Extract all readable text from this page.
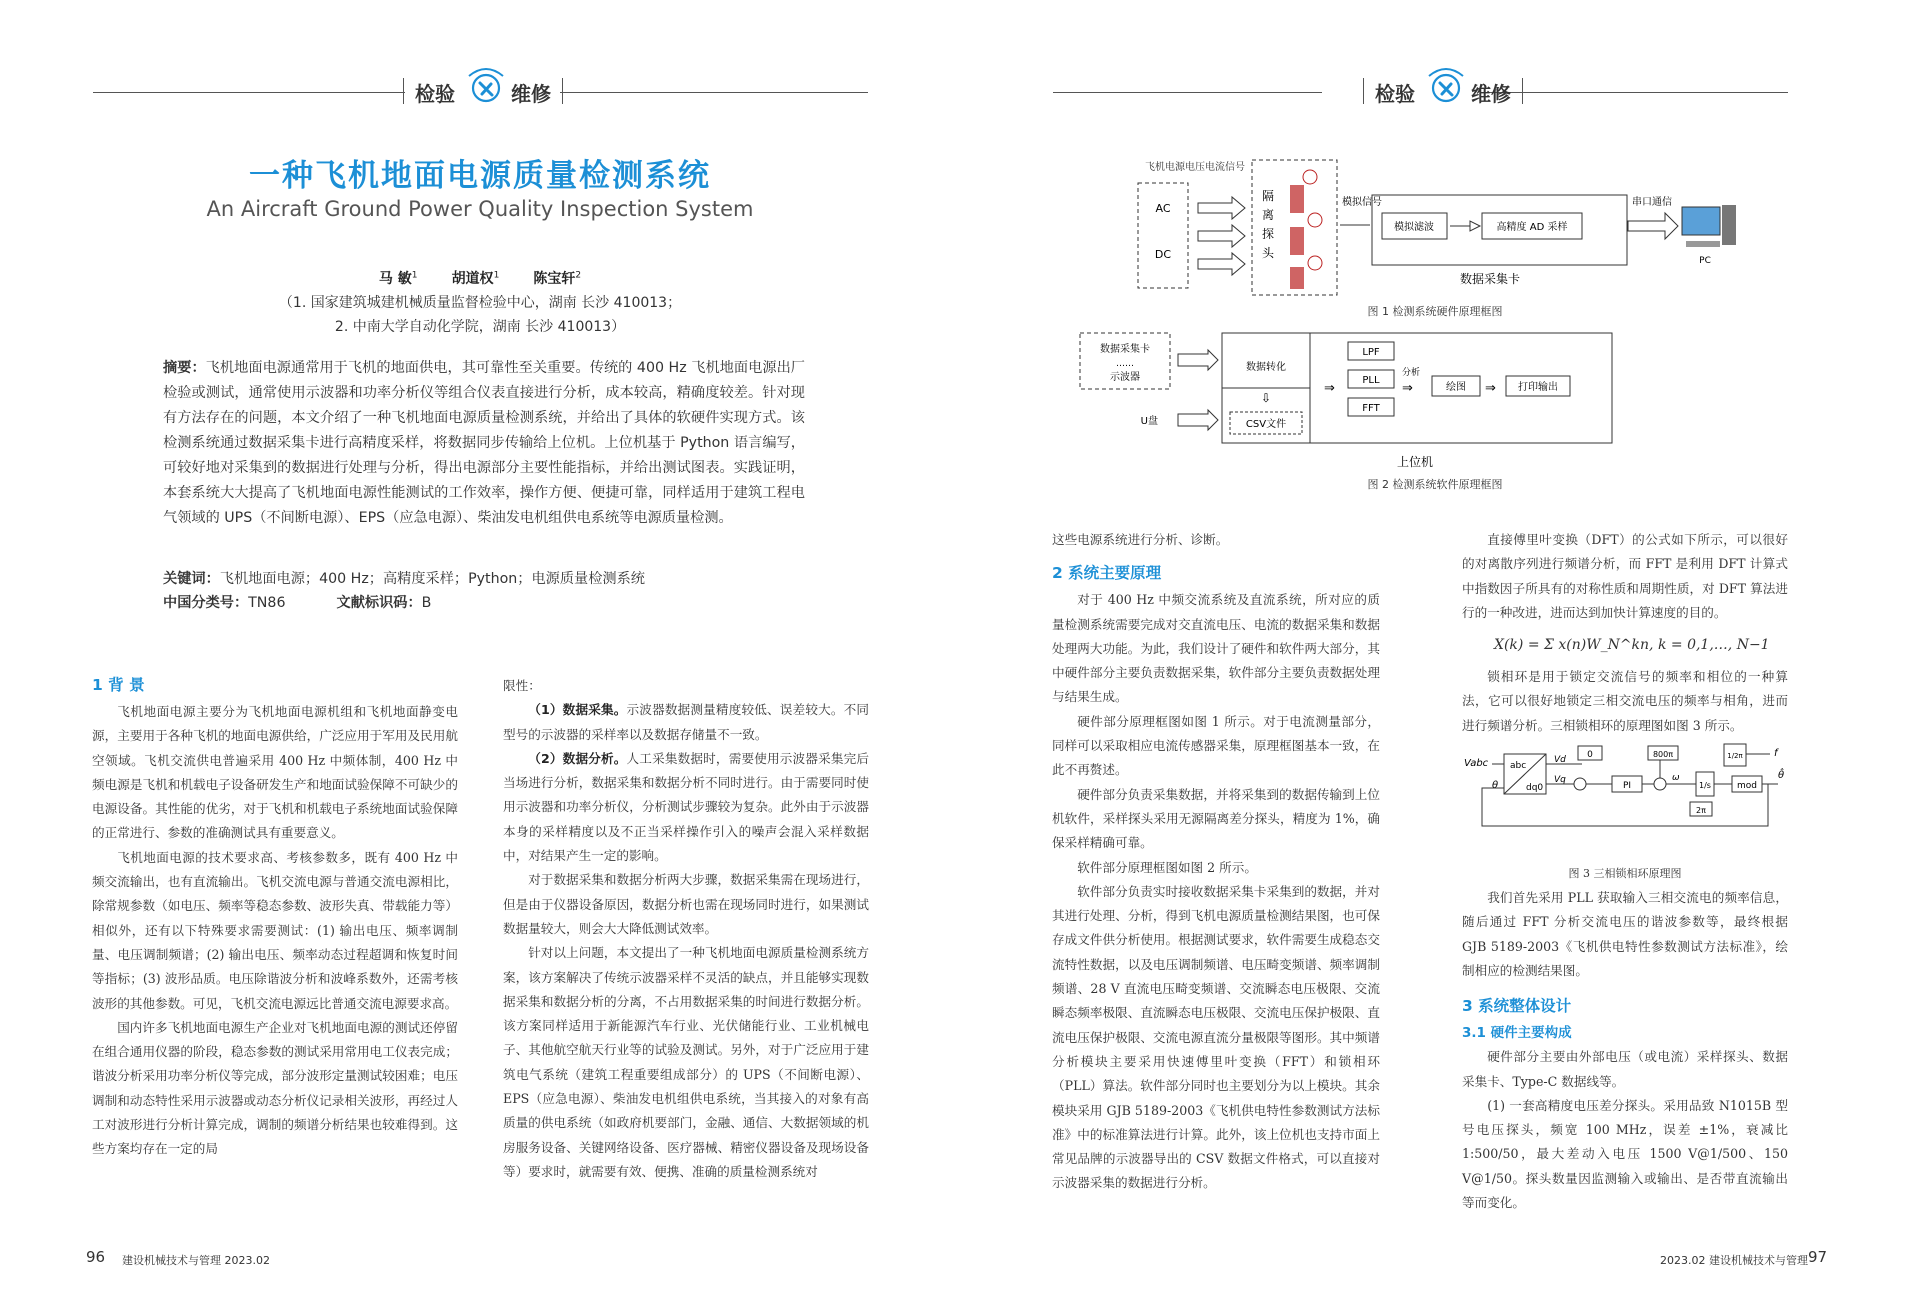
检验	维修
一种飞机地面电源质量检测系统
An Aircraft Ground Power Quality Inspection System
马 敏$^1$ 胡道权$^1$ 陈宝轩$^2$
（1. 国家建筑城建机械质量监督检验中心，湖南 长沙 410013；
2. 中南大学自动化学院，湖南 长沙 410013）
摘要：飞机地面电源通常用于飞机的地面供电，其可靠性至关重要。传统的 400 Hz 飞机地面电源出厂检验或测试，通常使用示波器和功率分析仪等组合仪表直接进行分析，成本较高，精确度较差。针对现有方法存在的问题，本文介绍了一种飞机地面电源质量检测系统，并给出了具体的软硬件实现方式。该检测系统通过数据采集卡进行高精度采样，将数据同步传输给上位机。上位机基于 Python 语言编写，可较好地对采集到的数据进行处理与分析，得出电源部分主要性能指标，并给出测试图表。实践证明，本套系统大大提高了飞机地面电源性能测试的工作效率，操作方便、便捷可靠，同样适用于建筑工程电气领域的 UPS（不间断电源）、EPS（应急电源）、柴油发电机组供电系统等电源质量检测。
关键词：飞机地面电源；400 Hz；高精度采样；Python；电源质量检测系统
中国分类号：TN86	文献标识码：B
1 背 景

飞机地面电源主要分为飞机地面电源机组和飞机地面静变电源，主要用于各种飞机的地面电源供给，广泛应用于军用及民用航空领域。飞机交流供电普遍采用 400 Hz 中频体制，400 Hz 中频电源是飞机和机载电子设备研发生产和地面试验保障不可缺少的电源设备。其性能的优劣，对于飞机和机载电子系统地面试验保障的正常进行、参数的准确测试具有重要意义。

飞机地面电源的技术要求高、考核参数多，既有 400 Hz 中频交流输出，也有直流输出。飞机交流电源与普通交流电源相比，除常规参数（如电压、频率等稳态参数、波形失真、带载能力等）相似外，还有以下特殊要求需要测试：(1) 输出电压、频率调制量、电压调制频谱；(2) 输出电压、频率动态过程超调和恢复时间等指标；(3) 波形品质。电压除谐波分析和波峰系数外，还需考核波形的其他参数。可见，飞机交流电源远比普通交流电源要求高。

国内许多飞机地面电源生产企业对飞机地面电源的测试还停留在组合通用仪器的阶段，稳态参数的测试采用常用电工仪表完成；谐波分析采用功率分析仪等完成，部分波形定量测试较困难；电压调制和动态特性采用示波器或动态分析仪记录相关波形，再经过人工对波形进行分析计算完成，调制的频谱分析结果也较难得到。这些方案均存在一定的局

限性：

（1）数据采集。示波器数据测量精度较低、误差较大。不同型号的示波器的采样率以及数据存储量不一致。

（2）数据分析。人工采集数据时，需要使用示波器采集完后当场进行分析，数据采集和数据分析不同时进行。由于需要同时使用示波器和功率分析仪，分析测试步骤较为复杂。此外由于示波器本身的采样精度以及不正当采样操作引入的噪声会混入采样数据中，对结果产生一定的影响。

对于数据采集和数据分析两大步骤，数据采集需在现场进行，但是由于仪器设备原因，数据分析也需在现场同时进行，如果测试数据量较大，则会大大降低测试效率。

针对以上问题，本文提出了一种飞机地面电源质量检测系统方案，该方案解决了传统示波器采样不灵活的缺点，并且能够实现数据采集和数据分析的分离，不占用数据采集的时间进行数据分析。该方案同样适用于新能源汽车行业、光伏储能行业、工业机械电子、其他航空航天行业等的试验及测试。另外，对于广泛应用于建筑电气系统（建筑工程重要组成部分）的 UPS（不间断电源）、EPS（应急电源）、柴油发电机组供电系统，当其接入的对象有高质量的供电系统（如政府机要部门，金融、通信、大数据领域的机房服务设备、关键网络设备、医疗器械、精密仪器设备及现场设备等）要求时，就需要有效、便携、准确的质量检测系统对

96 建设机械技术与管理 2023.02
检验	维修
飞机电源电压电流信号
AC
DC
隔
离
探
头
模拟信号
模拟滤波	高精度 AD 采样
数据采集卡
串口通信
PC
图 1 检测系统硬件原理框图
数据采集卡
……
示波器
U盘
数据转化
⇩
CSV文件
⇒
LPF
PLL
FFT
分析
⇒	绘图 ⇒ 打印输出
上位机
图 2 检测系统软件原理框图

这些电源系统进行分析、诊断。

2 系统主要原理

对于 400 Hz 中频交流系统及直流系统，所对应的质量检测系统需要完成对交直流电压、电流的数据采集和数据处理两大功能。为此，我们设计了硬件和软件两大部分，其中硬件部分主要负责数据采集，软件部分主要负责数据处理与结果生成。

硬件部分原理框图如图 1 所示。对于电流测量部分，同样可以采取相应电流传感器采集，原理框图基本一致，在此不再赘述。

硬件部分负责采集数据，并将采集到的数据传输到上位机软件，采样探头采用无源隔离差分探头，精度为 1%，确保采样精确可靠。

软件部分原理框图如图 2 所示。

软件部分负责实时接收数据采集卡采集到的数据，并对其进行处理、分析，得到飞机电源质量检测结果图，也可保存成文件供分析使用。根据测试要求，软件需要生成稳态交流特性数据，以及电压调制频谱、电压畸变频谱、频率调制频谱、28 V 直流电压畸变频谱、交流瞬态电压极限、交流瞬态频率极限、直流瞬态电压极限、交流电压保护极限、直流电压保护极限、交流电源直流分量极限等图形。其中频谱分析模块主要采用快速傅里叶变换（FFT）和锁相环（PLL）算法。软件部分同时也主要划分为以上模块。其余模块采用 GJB 5189-2003《飞机供电特性参数测试方法标准》中的标准算法进行计算。此外，该上位机也支持市面上常见品牌的示波器导出的 CSV 数据文件格式，可以直接对示波器采集的数据进行分析。

直接傅里叶变换（DFT）的公式如下所示，可以很好的对离散序列进行频谱分析，而 FFT 是利用 DFT 计算式中指数因子所具有的对称性质和周期性质，对 DFT 算法进行的一种改进，进而达到加快计算速度的目的。

X(k) = Σ x(n)W_N^kn, k = 0,1,…, N−1

锁相环是用于锁定交流信号的频率和相位的一种算法，它可以很好地锁定三相交流电压的频率与相角，进而进行频谱分析。三相锁相环的原理图如图 3 所示。

Vabc abc
dq0
θ
Vd
Vq
0
PI
800π
ω
1/s	mod
θ̂
2π
1/2π	f
图 3 三相锁相环原理图

我们首先采用 PLL 获取输入三相交流电的频率信息，随后通过 FFT 分析交流电压的谐波参数等，最终根据 GJB 5189-2003《飞机供电特性参数测试方法标准》，绘制相应的检测结果图。

3 系统整体设计
3.1 硬件主要构成

硬件部分主要由外部电压（或电流）采样探头、数据采集卡、Type-C 数据线等。

(1) 一套高精度电压差分探头。采用品致 N1015B 型号电压探头，频宽 100 MHz，误差 ±1%，衰减比 1:500/50，最大差动入电压 1500 V@1/500、150 V@1/50。探头数量因监测输入或输出、是否带直流输出等而变化。

2023.02 建设机械技术与管理 97
